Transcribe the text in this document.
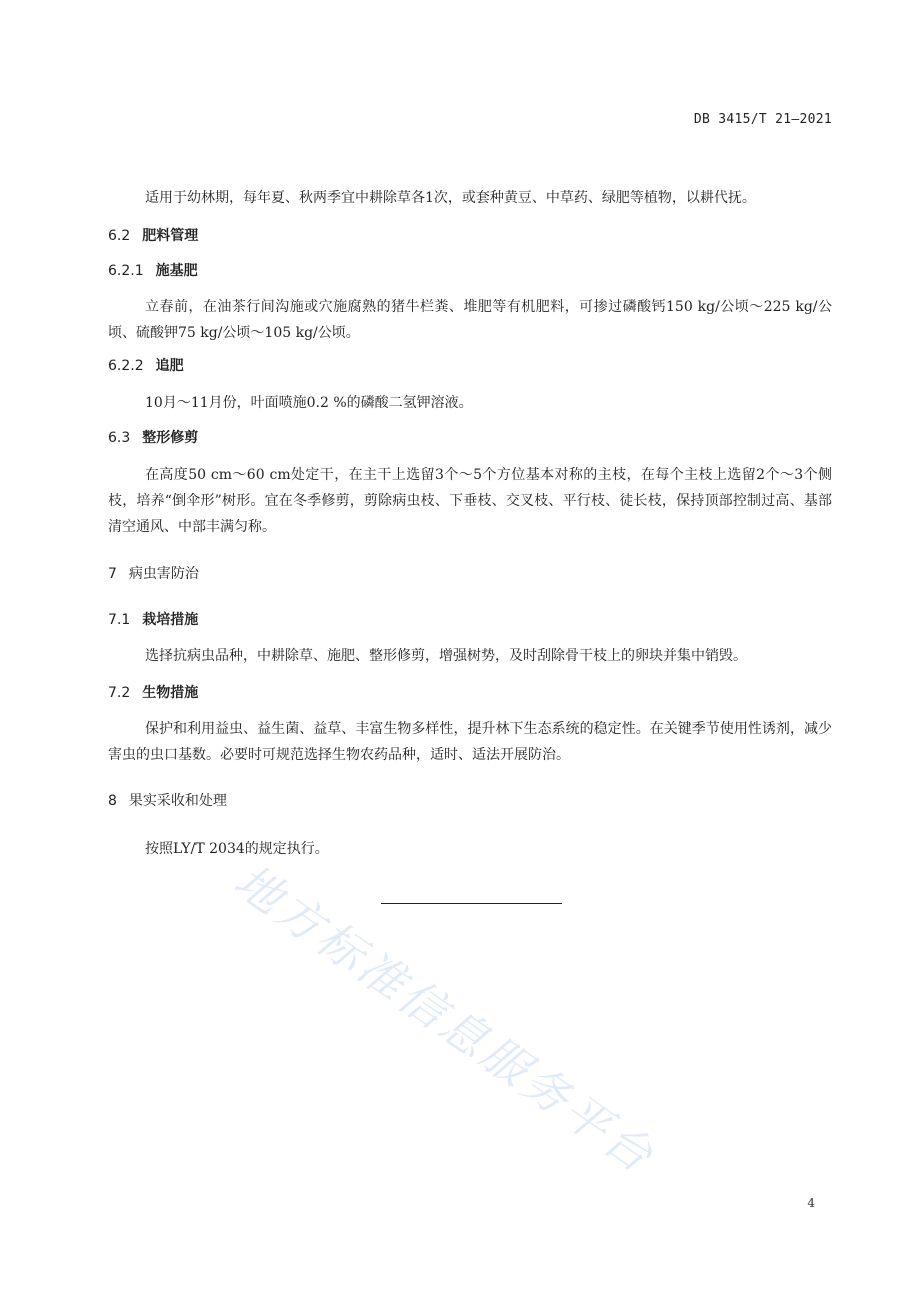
DB 3415/T 21—2021

适用于幼林期，每年夏、秋两季宜中耕除草各1次，或套种黄豆、中草药、绿肥等植物，以耕代抚。

6.2 肥料管理
6.2.1 施基肥

立春前，在油茶行间沟施或穴施腐熟的猪牛栏粪、堆肥等有机肥料，可掺过磷酸钙150 kg/公顷～225 kg/公顷、硫酸钾75 kg/公顷～105 kg/公顷。

6.2.2 追肥

10月～11月份，叶面喷施0.2 %的磷酸二氢钾溶液。

6.3 整形修剪

在高度50 cm～60 cm处定干，在主干上选留3个～5个方位基本对称的主枝，在每个主枝上选留2个～3个侧枝，培养“倒伞形”树形。宜在冬季修剪，剪除病虫枝、下垂枝、交叉枝、平行枝、徒长枝，保持顶部控制过高、基部清空通风、中部丰满匀称。

7 病虫害防治
7.1 栽培措施

选择抗病虫品种，中耕除草、施肥、整形修剪，增强树势，及时刮除骨干枝上的卵块并集中销毁。

7.2 生物措施

保护和利用益虫、益生菌、益草、丰富生物多样性，提升林下生态系统的稳定性。在关键季节使用性诱剂，减少害虫的虫口基数。必要时可规范选择生物农药品种，适时、适法开展防治。

8 果实采收和处理

按照LY/T 2034的规定执行。

地方标准信息服务平台
4
